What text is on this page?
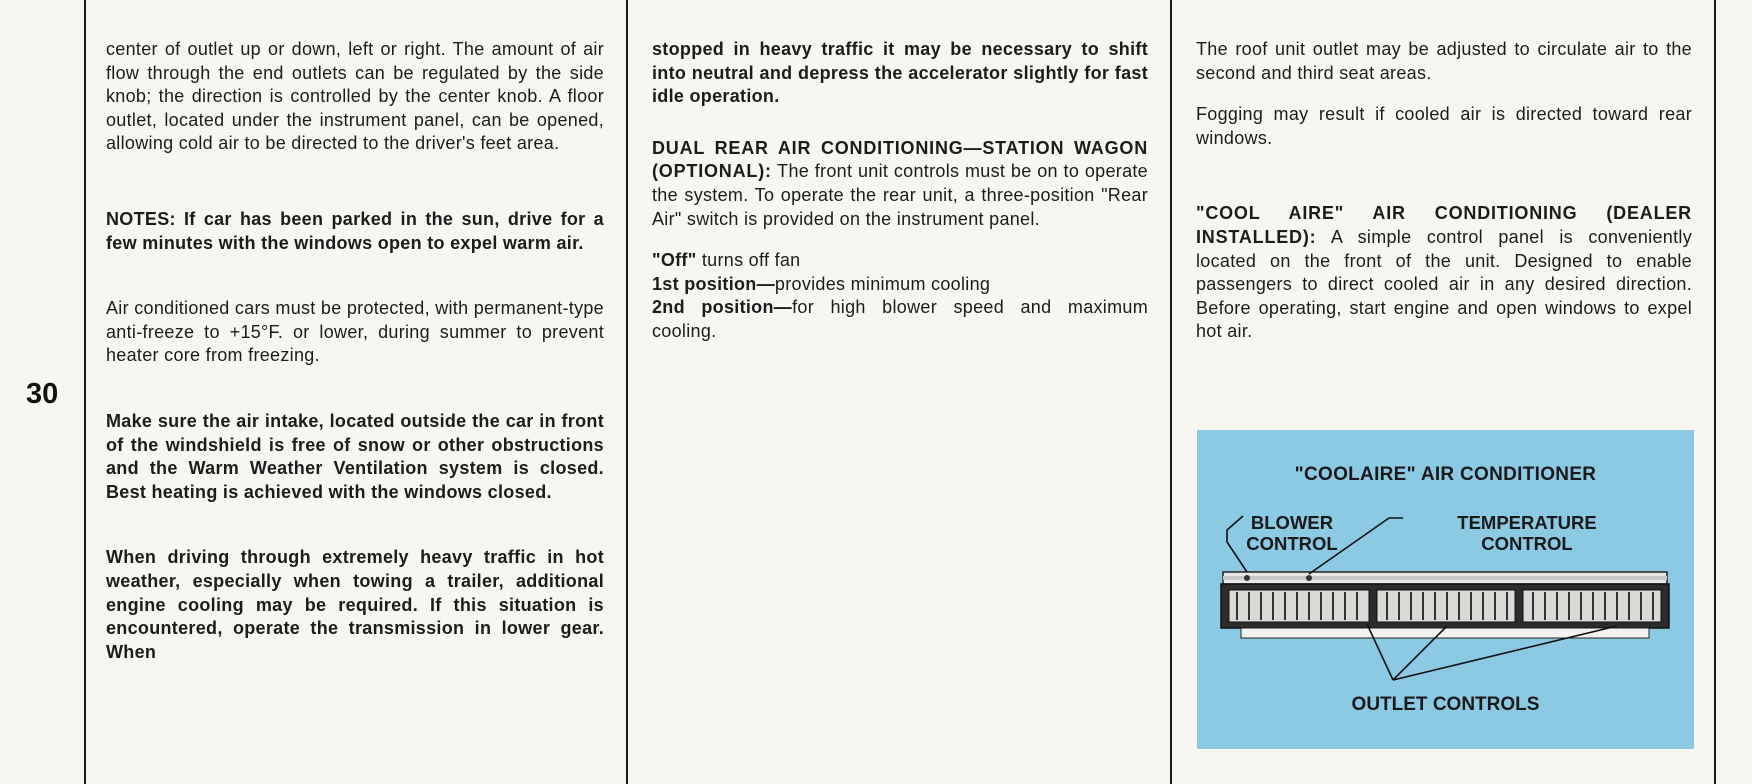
30

center of outlet up or down, left or right. The amount of air flow through the end outlets can be regulated by the side knob; the direction is controlled by the center knob. A floor outlet, located under the instrument panel, can be opened, allowing cold air to be directed to the driver's feet area.

NOTES: If car has been parked in the sun, drive for a few minutes with the windows open to expel warm air.

Air conditioned cars must be protected, with permanent-type anti-freeze to +15°F. or lower, during summer to prevent heater core from freezing.

Make sure the air intake, located outside the car in front of the windshield is free of snow or other obstructions and the Warm Weather Ventilation system is closed. Best heating is achieved with the windows closed.

When driving through extremely heavy traffic in hot weather, especially when towing a trailer, additional engine cooling may be required. If this situation is encountered, operate the transmission in lower gear. When

stopped in heavy traffic it may be necessary to shift into neutral and depress the accelerator slightly for fast idle operation.

DUAL REAR AIR CONDITIONING—STATION WAGON (OPTIONAL): The front unit controls must be on to operate the system. To operate the rear unit, a three-position "Rear Air" switch is provided on the instrument panel.

"Off" turns off fan

1st position—provides minimum cooling

2nd position—for high blower speed and maximum cooling.

The roof unit outlet may be adjusted to circulate air to the second and third seat areas.

Fogging may result if cooled air is directed toward rear windows.

"COOL AIRE" AIR CONDITIONING (DEALER INSTALLED): A simple control panel is conveniently located on the front of the unit. Designed to enable passengers to direct cooled air in any desired direction. Before operating, start engine and open windows to expel hot air.

"COOLAIRE" AIR CONDITIONER
BLOWER CONTROL
TEMPERATURE CONTROL
OUTLET CONTROLS
